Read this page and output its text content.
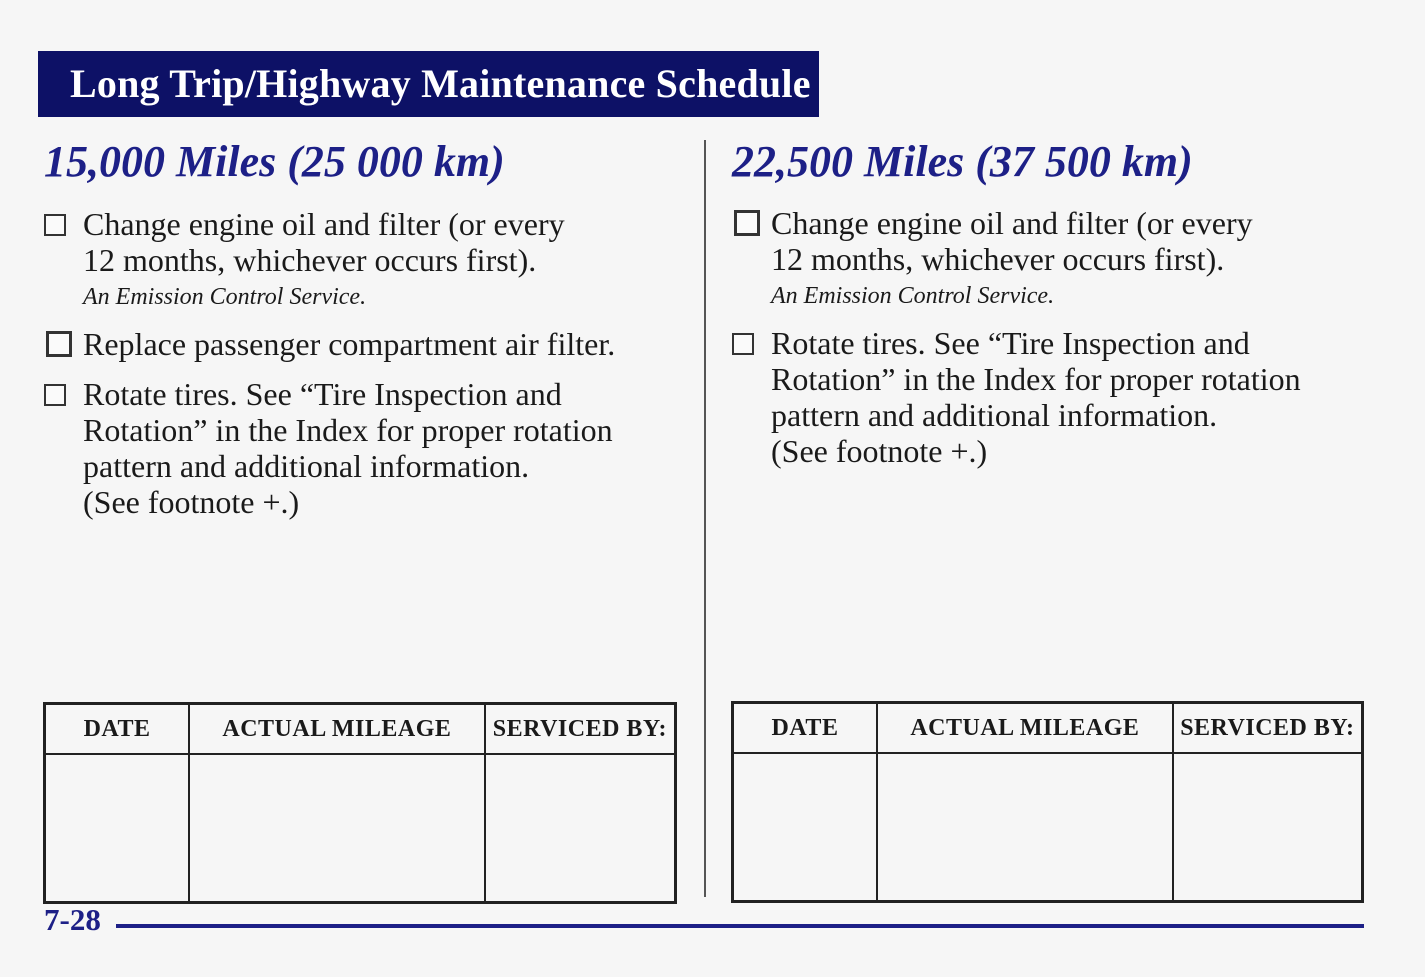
Long Trip/Highway Maintenance Schedule
15,000 Miles (25 000 km)
Change engine oil and filter (or every
12 months, whichever occurs first).
An Emission Control Service.
Replace passenger compartment air filter.
Rotate tires. See “Tire Inspection and
Rotation” in the Index for proper rotation
pattern and additional information.
(See footnote +.)
DATE	ACTUAL MILEAGE	SERVICED BY:

22,500 Miles (37 500 km)
Change engine oil and filter (or every
12 months, whichever occurs first).
An Emission Control Service.
Rotate tires. See “Tire Inspection and
Rotation” in the Index for proper rotation
pattern and additional information.
(See footnote +.)
DATE	ACTUAL MILEAGE	SERVICED BY:

7-28
